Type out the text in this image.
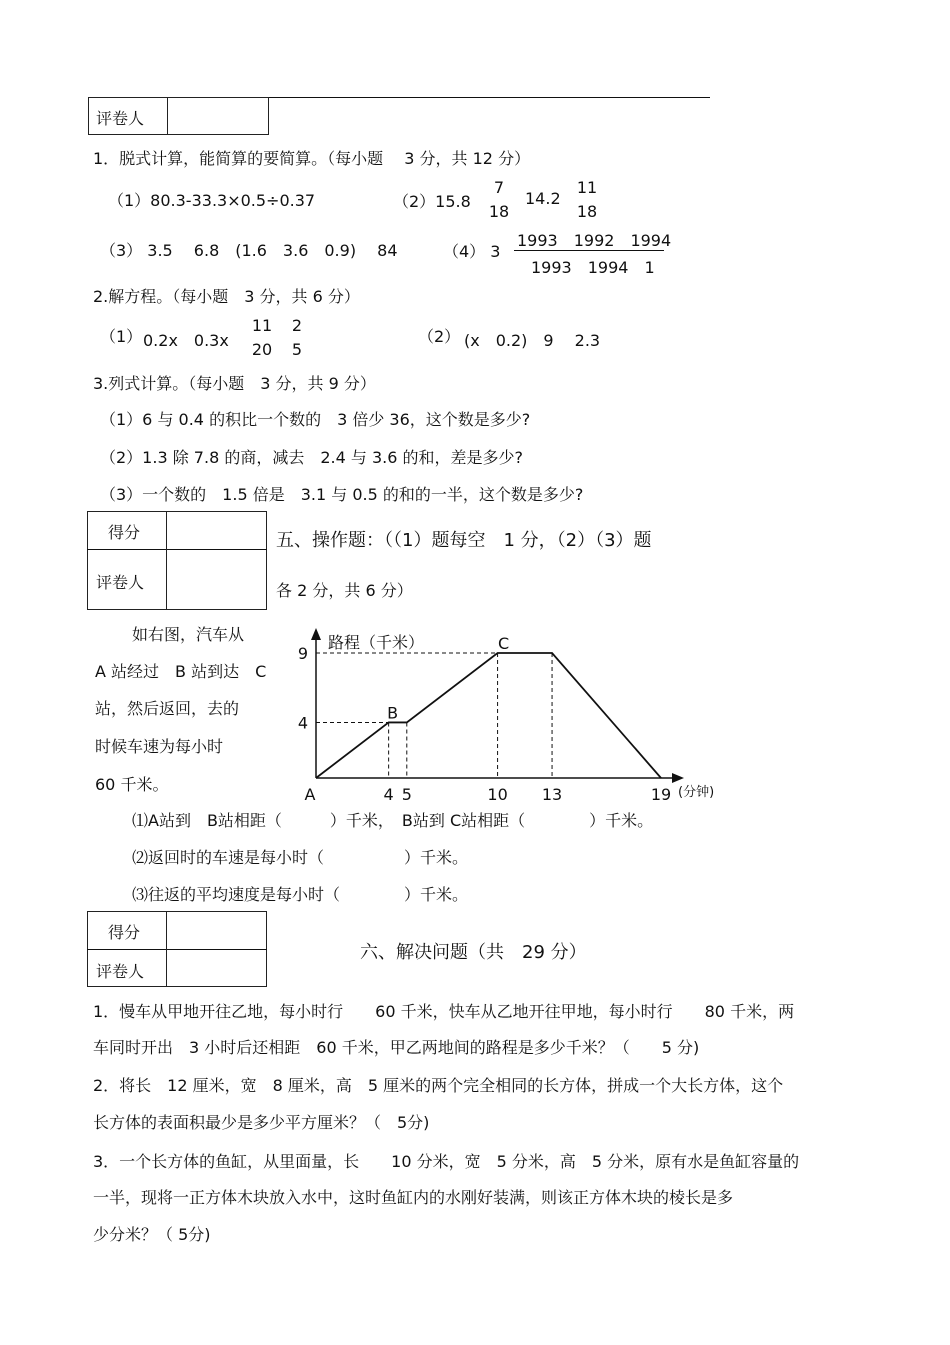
评卷人
1．脱式计算，能简算的要简算。（每小题　 3 分，共 12 分）
（1）80.3-33.3×0.5÷0.37	（2）15.8
7
18
14.2
11
18
（3） 3.5　 6.8　(1.6　3.6　0.9)　 84	（4） 3
1993　1992　1994
1993　1994　1
2.解方程。（每小题　3 分，共 6 分）
（1） 0.2x　0.3x
11
20
2
5
（2） (x　0.2)　9　 2.3
3.列式计算。（每小题　3 分，共 9 分）
（1）6 与 0.4 的积比一个数的　3 倍少 36，这个数是多少?
（2）1.3 除 7.8 的商，减去　2.4 与 3.6 的和，差是多少?
（3）一个数的　1.5 倍是　3.1 与 0.5 的和的一半，这个数是多少?
得分
评卷人
五、操作题：（（1）题每空　1 分，（2）（3）题
各 2 分，共 6 分）
如右图，汽车从
A 站经过　B 站到达　C
站，然后返回，去的
时候车速为每小时
60 千米。
4 5	10 13	19
4
9
A
B
C
路程（千米）
(分钟)
⑴A站到　B站相距（　　　）千米，　B站到 C站相距（　　　　）千米。
⑵返回时的车速是每小时（　　　　　）千米。
⑶往返的平均速度是每小时（　　　　）千米。
得分
评卷人
六、解决问题（共　29 分）
1．慢车从甲地开往乙地，每小时行　　60 千米，快车从乙地开往甲地，每小时行　　80 千米，两
车同时开出　3 小时后还相距　60 千米，甲乙两地间的路程是多少千米？（　　5 分)
2．将长　12 厘米，宽　8 厘米，高　5 厘米的两个完全相同的长方体，拼成一个大长方体，这个
长方体的表面积最少是多少平方厘米？（　5分)
3．一个长方体的鱼缸，从里面量，长　　10 分米，宽　5 分米，高　5 分米，原有水是鱼缸容量的
一半，现将一正方体木块放入水中，这时鱼缸内的水刚好装满，则该正方体木块的棱长是多
少分米？（ 5分)
